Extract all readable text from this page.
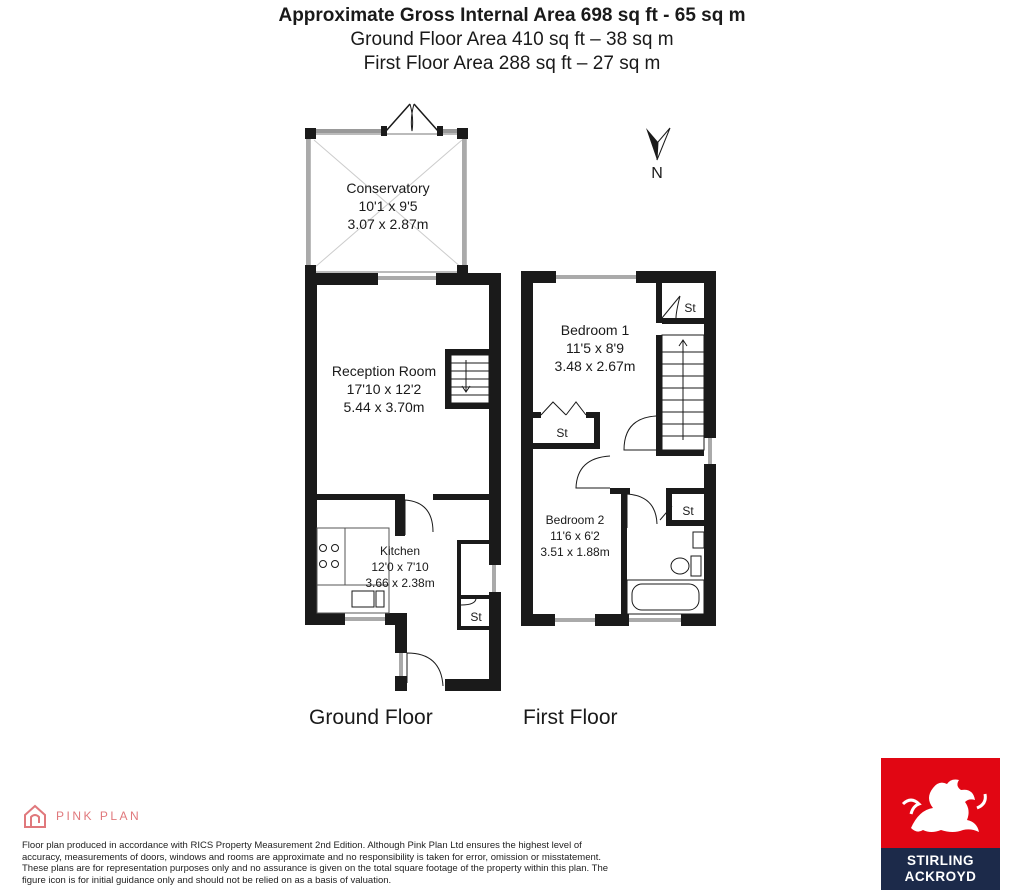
Approximate Gross Internal Area 698 sq ft - 65 sq m
Ground Floor Area 410 sq ft – 38 sq m
First Floor Area 288 sq ft – 27 sq m
Conservatory
10'1 x 9'5
3.07 x 2.87m
Reception Room
17'10 x 12'2
5.44 x 3.70m
Kitchen
12'0 x 7'10
3.66 x 2.38m
St
Bedroom 1
11'5 x 8'9
3.48 x 2.67m
St
St
St
Bedroom 2
11'6 x 6'2
3.51 x 1.88m
N
Ground Floor	First Floor
PINK PLAN
Floor plan produced in accordance with RICS Property Measurement 2nd Edition. Although Pink Plan Ltd ensures the highest level of accuracy, measurements of doors, windows and rooms are approximate and no responsibility is taken for error, omission or misstatement. These plans are for representation purposes only and no assurance is given on the total square footage of the property within this plan. The figure icon is for initial guidance only and should not be relied on as a basis of valuation.
STIRLING
ACKROYD
